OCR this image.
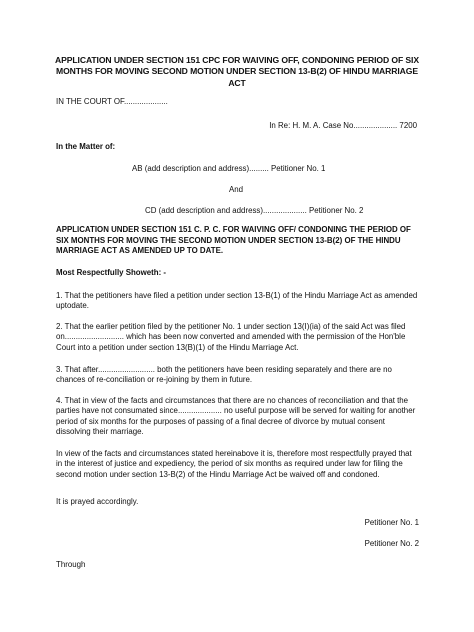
APPLICATION UNDER SECTION 151 CPC FOR WAIVING OFF, CONDONING PERIOD OF SIX MONTHS FOR MOVING SECOND MOTION UNDER SECTION 13-B(2) OF HINDU MARRIAGE ACT

IN THE COURT OF....................

In Re: H. M. A. Case No.................... 7200

In the Matter of:

AB (add description and address)......... Petitioner No. 1

And

CD (add description and address).................... Petitioner No. 2

APPLICATION UNDER SECTION 151 C. P. C. FOR WAIVING OFF/ CONDONING THE PERIOD OF SIX MONTHS FOR MOVING THE SECOND MOTION UNDER SECTION 13-B(2) OF THE HINDU MARRIAGE ACT AS AMENDED UP TO DATE.

Most Respectfully Showeth: -

1. That the petitioners have filed a petition under section 13-B(1) of the Hindu Marriage Act as amended uptodate.

2. That the earlier petition filed by the petitioner No. 1 under section 13(I)(ia) of the said Act was filed on........................... which has been now converted and amended with the permission of the Hon'ble Court into a petition under section 13(B)(1) of the Hindu Marriage Act.

3. That after.......................... both the petitioners have been residing separately and there are no chances of re-conciliation or re-joining by them in future.

4. That in view of the facts and circumstances that there are no chances of reconciliation and that the parties have not consumated since.................... no useful purpose will be served for waiting for another period of six months for the purposes of passing of a final decree of divorce by mutual consent dissolving their marriage.

In view of the facts and circumstances stated hereinabove it is, therefore most respectfully prayed that in the interest of justice and expediency, the period of six months as required under law for filing the second motion under section 13-B(2) of the Hindu Marriage Act be waived off and condoned.

It is prayed accordingly.

Petitioner No. 1

Petitioner No. 2

Through
